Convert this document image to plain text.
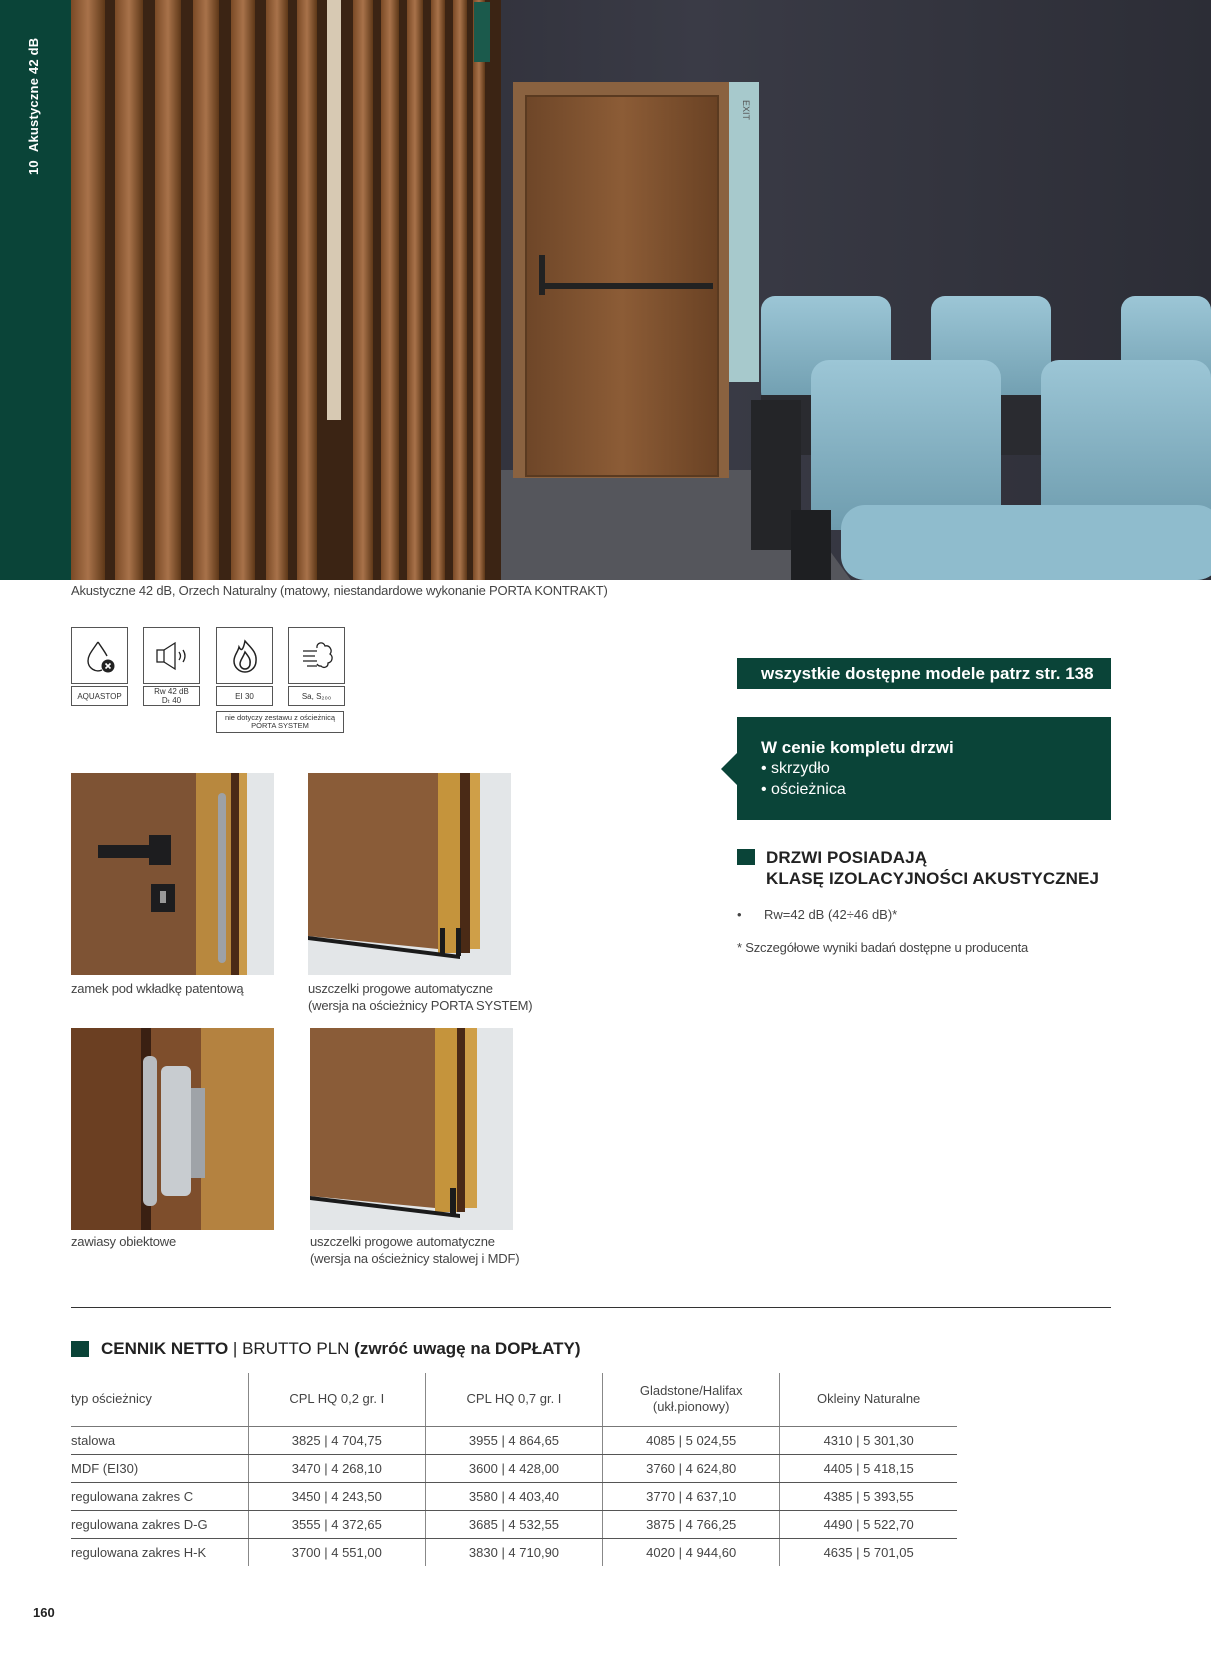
10Akustyczne 42 dB	EXIT
Akustyczne 42 dB, Orzech Naturalny (matowy, niestandardowe wykonanie PORTA KONTRAKT)
AQUASTOP	Rw 42 dB
Dₜ 40	EI 30	Sa, S₂₀₀
nie dotyczy zestawu z ościeżnicą
PORTA SYSTEM
zamek pod wkładkę patentową	uszczelki progowe automatyczne
(wersja na ościeżnicy PORTA SYSTEM)
zawiasy obiektowe	uszczelki progowe automatyczne
(wersja na ościeżnicy stalowej i MDF)
wszystkie dostępne modele patrz str. 138
W cenie kompletu drzwi
• skrzydło
• ościeżnica
DRZWI POSIADAJĄ
KLASĘ IZOLACYJNOŚCI AKUSTYCZNEJ
•	Rw=42 dB (42÷46 dB)*
* Szczegółowe wyniki badań dostępne u producenta
CENNIK NETTO | BRUTTO PLN (zwróć uwagę na DOPŁATY)
typ ościeżnicy	CPL HQ 0,2 gr. I	CPL HQ 0,7 gr. I	Gladstone/Halifax
(ukł.pionowy)	Okleiny Naturalne
stalowa	3825 | 4 704,75	3955 | 4 864,65	4085 | 5 024,55	4310 | 5 301,30
MDF (EI30)	3470 | 4 268,10	3600 | 4 428,00	3760 | 4 624,80	4405 | 5 418,15
regulowana zakres C	3450 | 4 243,50	3580 | 4 403,40	3770 | 4 637,10	4385 | 5 393,55
regulowana zakres D-G	3555 | 4 372,65	3685 | 4 532,55	3875 | 4 766,25	4490 | 5 522,70
regulowana zakres H-K	3700 | 4 551,00	3830 | 4 710,90	4020 | 4 944,60	4635 | 5 701,05
160
